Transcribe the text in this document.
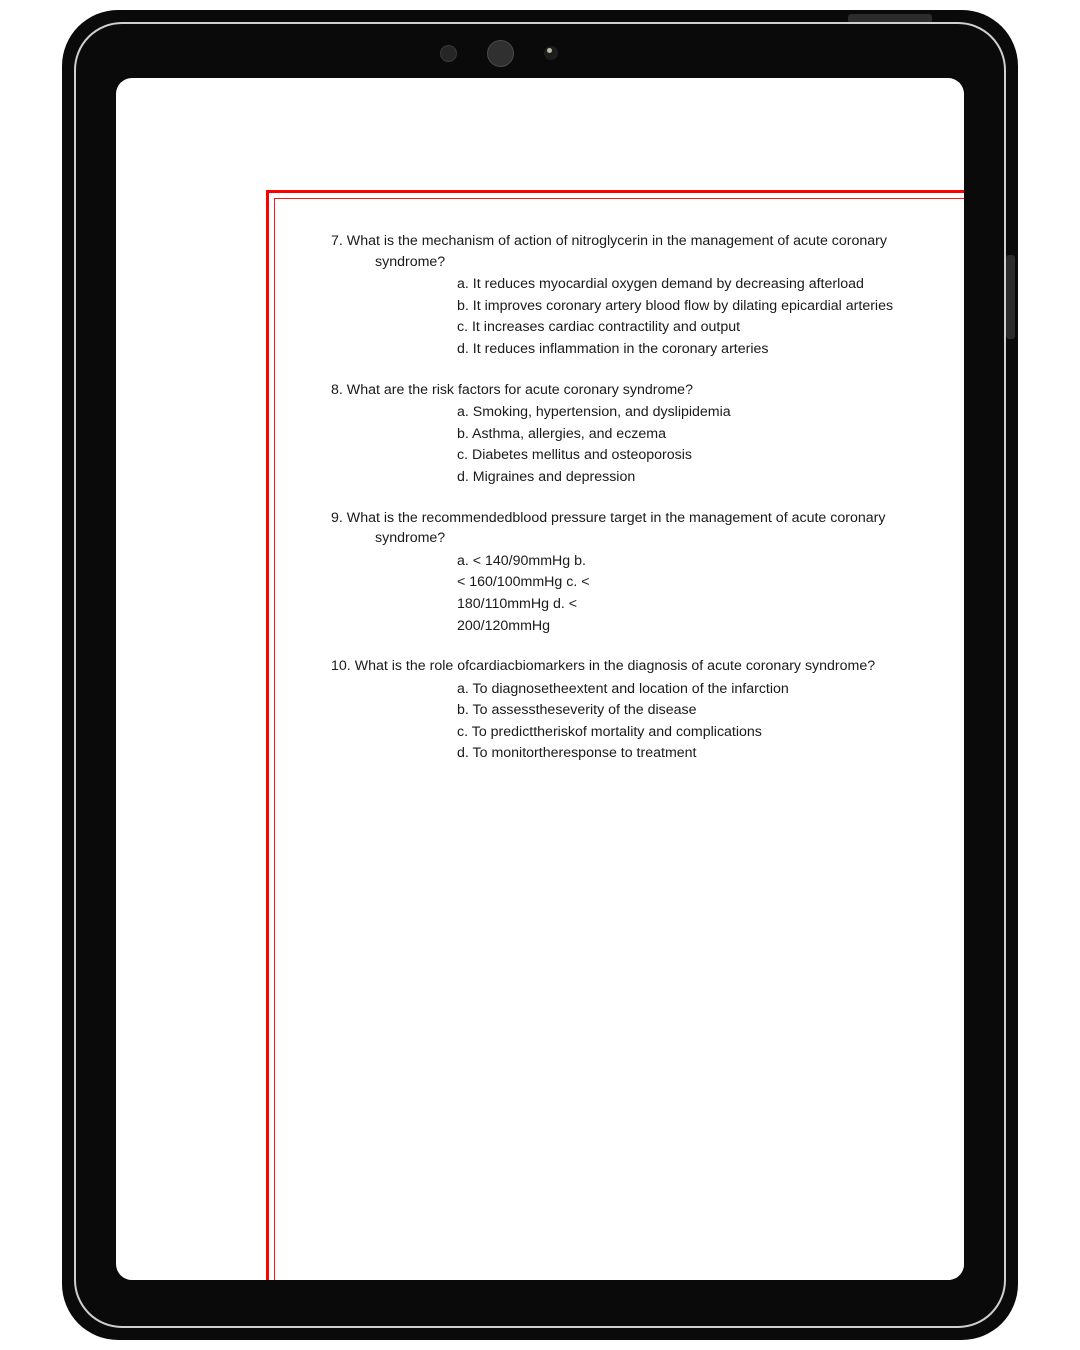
7. What is the mechanism of action of nitroglycerin in the management of acute coronary
syndrome?

a. It reduces myocardial oxygen demand by decreasing afterload

b. It improves coronary artery blood flow by dilating epicardial arteries

c. It increases cardiac contractility and output

d. It reduces inflammation in the coronary arteries

8. What are the risk factors for acute coronary syndrome?

a. Smoking, hypertension, and dyslipidemia

b. Asthma, allergies, and eczema

c. Diabetes mellitus and osteoporosis

d. Migraines and depression

9. What is the recommendedblood pressure target in the management of acute coronary
syndrome?

a. < 140/90mmHg b.

< 160/100mmHg c. <

180/110mmHg d. <

200/120mmHg

10. What is the role ofcardiacbiomarkers in the diagnosis of acute coronary syndrome?

a. To diagnosetheextent and location of the infarction

b. To assesstheseverity of the disease

c. To predicttheriskof mortality and complications

d. To monitortheresponse to treatment
